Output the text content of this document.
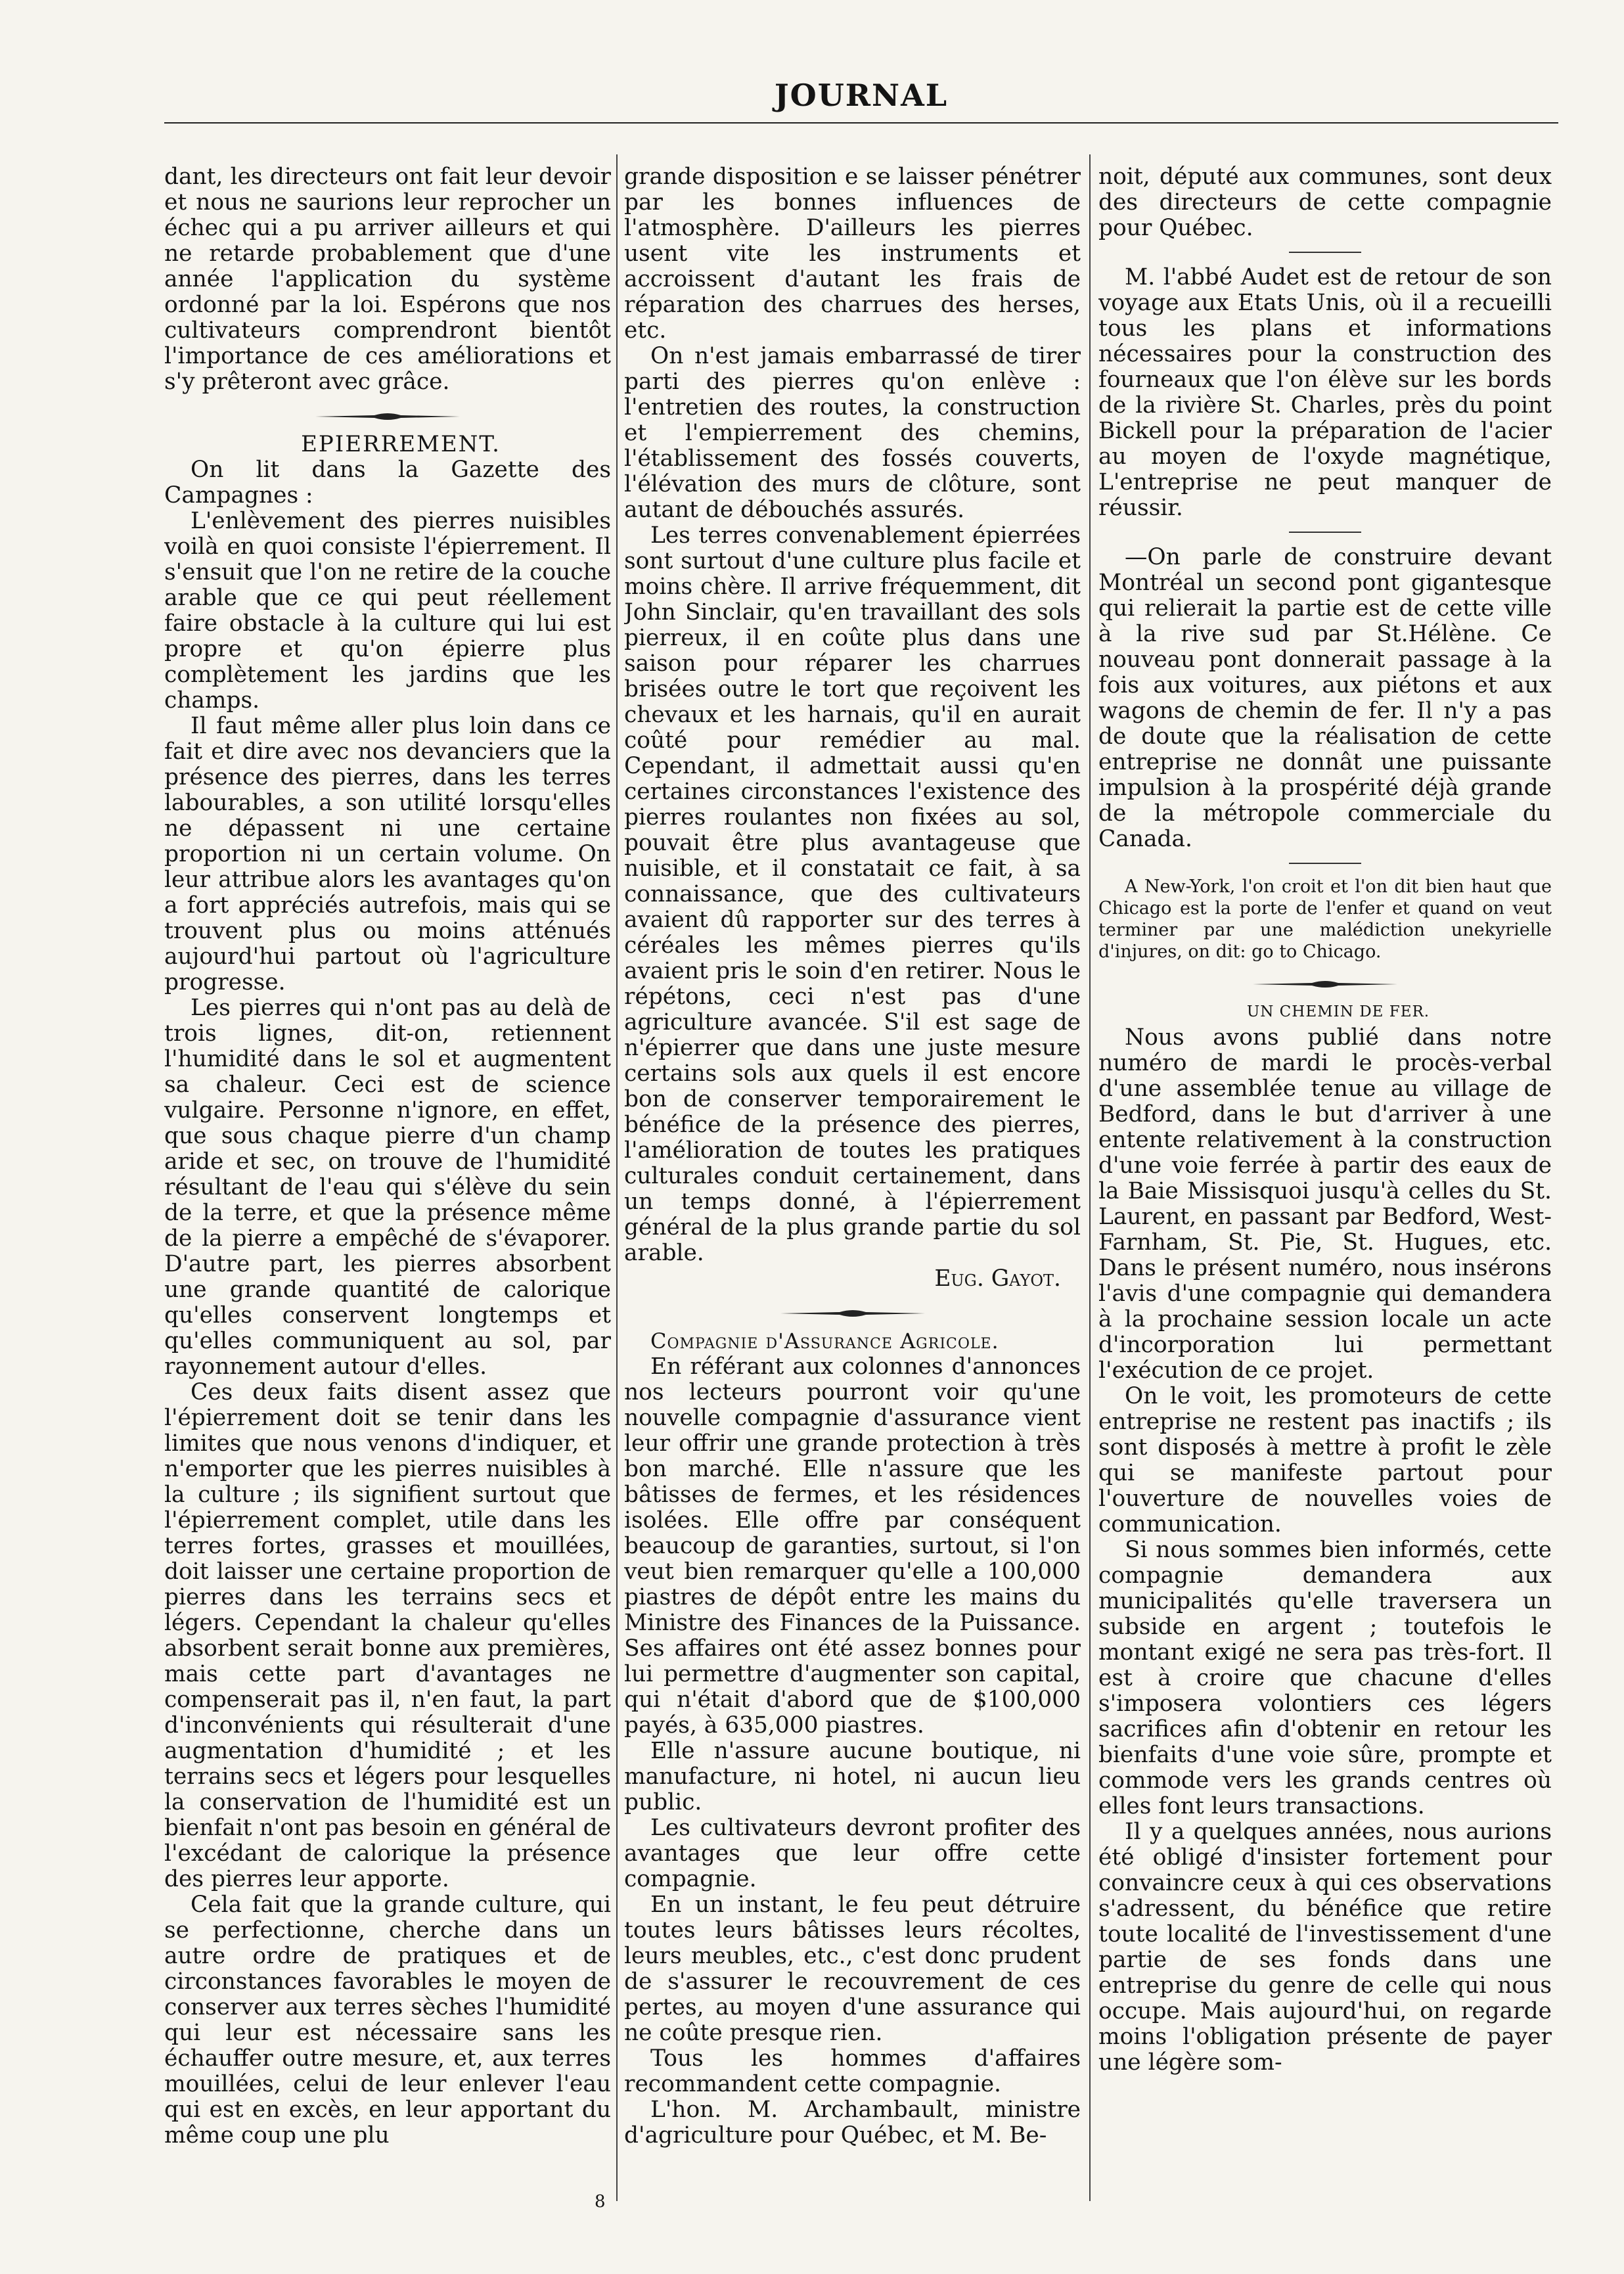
JOURNAL

dant, les directeurs ont fait leur devoir et nous ne saurions leur reprocher un échec qui a pu arriver ailleurs et qui ne retarde probablement que d'une année l'application du système ordonné par la loi. Espérons que nos cultivateurs comprendront bientôt l'importance de ces améliorations et s'y prêteront avec grâce.

EPIERREMENT.

On lit dans la Gazette des Campagnes :

L'enlèvement des pierres nuisibles voilà en quoi consiste l'épierrement. Il s'ensuit que l'on ne retire de la couche arable que ce qui peut réellement faire obstacle à la culture qui lui est propre et qu'on épierre plus complètement les jardins que les champs.

Il faut même aller plus loin dans ce fait et dire avec nos devanciers que la présence des pierres, dans les terres labourables, a son utilité lorsqu'elles ne dépassent ni une certaine proportion ni un certain volume. On leur attribue alors les avantages qu'on a fort appréciés autrefois, mais qui se trouvent plus ou moins atténués aujourd'hui partout où l'agriculture progresse.

Les pierres qui n'ont pas au delà de trois lignes, dit-on, retiennent l'humidité dans le sol et augmentent sa chaleur. Ceci est de science vulgaire. Personne n'ignore, en effet, que sous chaque pierre d'un champ aride et sec, on trouve de l'humidité résultant de l'eau qui s'élève du sein de la terre, et que la présence même de la pierre a empêché de s'évaporer. D'autre part, les pierres absorbent une grande quantité de calorique qu'elles conservent longtemps et qu'elles communiquent au sol, par rayonnement autour d'elles.

Ces deux faits disent assez que l'épierrement doit se tenir dans les limites que nous venons d'indiquer, et n'emporter que les pierres nuisibles à la culture ; ils signifient surtout que l'épierrement complet, utile dans les terres fortes, grasses et mouillées, doit laisser une certaine proportion de pierres dans les terrains secs et légers. Cependant la chaleur qu'elles absorbent serait bonne aux premières, mais cette part d'avantages ne compenserait pas il, n'en faut, la part d'inconvénients qui résulterait d'une augmentation d'humidité ; et les terrains secs et légers pour lesquelles la conservation de l'humidité est un bienfait n'ont pas besoin en général de l'excédant de calorique la présence des pierres leur apporte.

Cela fait que la grande culture, qui se perfectionne, cherche dans un autre ordre de pratiques et de circonstances favorables le moyen de conserver aux terres sèches l'humidité qui leur est nécessaire sans les échauffer outre mesure, et, aux terres mouillées, celui de leur enlever l'eau qui est en excès, en leur apportant du même coup une plu

grande disposition e se laisser pénétrer par les bonnes influences de l'atmosphère. D'ailleurs les pierres usent vite les instruments et accroissent d'autant les frais de réparation des charrues des herses, etc.

On n'est jamais embarrassé de tirer parti des pierres qu'on enlève : l'entretien des routes, la construction et l'empierrement des chemins, l'établissement des fossés couverts, l'élévation des murs de clôture, sont autant de débouchés assurés.

Les terres convenablement épierrées sont surtout d'une culture plus facile et moins chère. Il arrive fréquemment, dit John Sinclair, qu'en travaillant des sols pierreux, il en coûte plus dans une saison pour réparer les charrues brisées outre le tort que reçoivent les chevaux et les harnais, qu'il en aurait coûté pour remédier au mal. Cependant, il admettait aussi qu'en certaines circonstances l'existence des pierres roulantes non fixées au sol, pouvait être plus avantageuse que nuisible, et il constatait ce fait, à sa connaissance, que des cultivateurs avaient dû rapporter sur des terres à céréales les mêmes pierres qu'ils avaient pris le soin d'en retirer. Nous le répétons, ceci n'est pas d'une agriculture avancée. S'il est sage de n'épierrer que dans une juste mesure certains sols aux quels il est encore bon de conserver temporairement le bénéfice de la présence des pierres, l'amélioration de toutes les pratiques culturales conduit certainement, dans un temps donné, à l'épierrement général de la plus grande partie du sol arable.

Eug. Gayot.

Compagnie d'Assurance Agricole.

En référant aux colonnes d'annonces nos lecteurs pourront voir qu'une nouvelle compagnie d'assurance vient leur offrir une grande protection à très bon marché. Elle n'assure que les bâtisses de fermes, et les résidences isolées. Elle offre par conséquent beaucoup de garanties, surtout, si l'on veut bien remarquer qu'elle a 100,000 piastres de dépôt entre les mains du Ministre des Finances de la Puissance. Ses affaires ont été assez bonnes pour lui permettre d'augmenter son capital, qui n'était d'abord que de $100,000 payés, à 635,000 piastres.

Elle n'assure aucune boutique, ni manufacture, ni hotel, ni aucun lieu public.

Les cultivateurs devront profiter des avantages que leur offre cette compagnie.

En un instant, le feu peut détruire toutes leurs bâtisses leurs récoltes, leurs meubles, etc., c'est donc prudent de s'assurer le recouvrement de ces pertes, au moyen d'une assurance qui ne coûte presque rien.

Tous les hommes d'affaires recommandent cette compagnie.

L'hon. M. Archambault, ministre d'agriculture pour Québec, et M. Be-

noit, député aux communes, sont deux des directeurs de cette compagnie pour Québec.

M. l'abbé Audet est de retour de son voyage aux Etats Unis, où il a recueilli tous les plans et informations nécessaires pour la construction des fourneaux que l'on élève sur les bords de la rivière St. Charles, près du point Bickell pour la préparation de l'acier au moyen de l'oxyde magnétique, L'entreprise ne peut manquer de réussir.

—On parle de construire devant Montréal un second pont gigantesque qui relierait la partie est de cette ville à la rive sud par St.Hélène. Ce nouveau pont donnerait passage à la fois aux voitures, aux piétons et aux wagons de chemin de fer. Il n'y a pas de doute que la réalisation de cette entreprise ne donnât une puissante impulsion à la prospérité déjà grande de la métropole commerciale du Canada.

A New-York, l'on croit et l'on dit bien haut que Chicago est la porte de l'enfer et quand on veut terminer par une malédiction unekyrielle d'injures, on dit: go to Chicago.

UN CHEMIN DE FER.

Nous avons publié dans notre numéro de mardi le procès-verbal d'une assemblée tenue au village de Bedford, dans le but d'arriver à une entente relativement à la construction d'une voie ferrée à partir des eaux de la Baie Missisquoi jusqu'à celles du St. Laurent, en passant par Bedford, West-Farnham, St. Pie, St. Hugues, etc. Dans le présent numéro, nous insérons l'avis d'une compagnie qui demandera à la prochaine session locale un acte d'incorporation lui permettant l'exécution de ce projet.

On le voit, les promoteurs de cette entreprise ne restent pas inactifs ; ils sont disposés à mettre à profit le zèle qui se manifeste partout pour l'ouverture de nouvelles voies de communication.

Si nous sommes bien informés, cette compagnie demandera aux municipalités qu'elle traversera un subside en argent ; toutefois le montant exigé ne sera pas très-fort. Il est à croire que chacune d'elles s'imposera volontiers ces légers sacrifices afin d'obtenir en retour les bienfaits d'une voie sûre, prompte et commode vers les grands centres où elles font leurs transactions.

Il y a quelques années, nous aurions été obligé d'insister fortement pour convaincre ceux à qui ces observations s'adressent, du bénéfice que retire toute localité de l'investissement d'une partie de ses fonds dans une entreprise du genre de celle qui nous occupe. Mais aujourd'hui, on regarde moins l'obligation présente de payer une légère som-

8
